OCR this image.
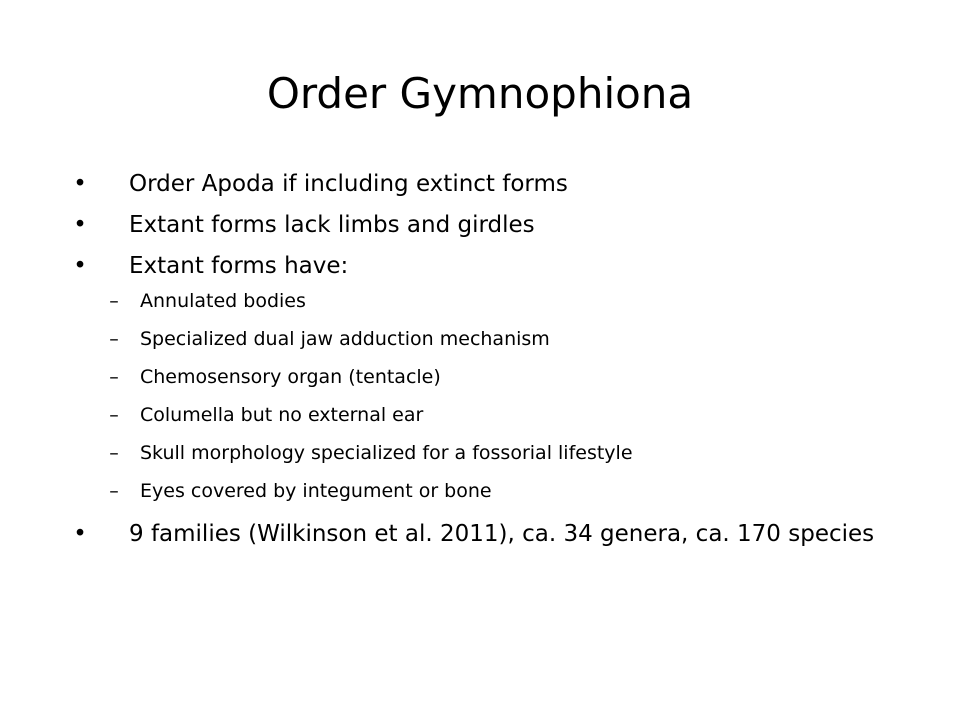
Order Gymnophiona
• Order Apoda if including extinct forms
• Extant forms lack limbs and girdles
• Extant forms have:
–	Annulated bodies
–	Specialized dual jaw adduction mechanism
–	Chemosensory organ (tentacle)
–	Columella but no external ear
–	Skull morphology specialized for a fossorial lifestyle
–	Eyes covered by integument or bone
• 9 families (Wilkinson et al. 2011), ca. 34 genera, ca. 170 species
